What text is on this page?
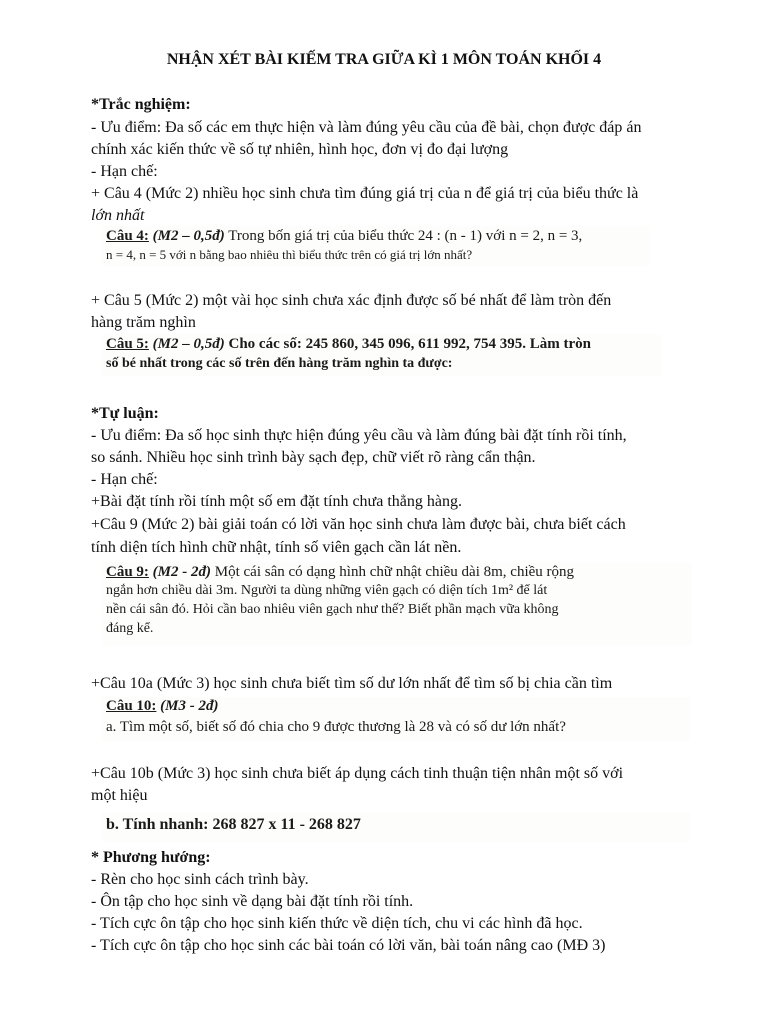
NHẬN XÉT BÀI KIẾM TRA GIỮA KÌ 1 MÔN TOÁN KHỐI 4
*Trắc nghiệm:
- Ưu điểm: Đa số các em thực hiện và làm đúng yêu cầu của đề bài, chọn được đáp án
chính xác kiến thức về số tự nhiên, hình học, đơn vị đo đại lượng
- Hạn chế:
+ Câu 4 (Mức 2) nhiều học sinh chưa tìm đúng giá trị của n để giá trị của biểu thức là
lớn nhất
Câu 4: (M2 – 0,5đ) Trong bốn giá trị của biểu thức 24 : (n - 1) với n = 2, n = 3,
n = 4, n = 5 với n bằng bao nhiêu thì biểu thức trên có giá trị lớn nhất?
+ Câu 5 (Mức 2) một vài học sinh chưa xác định được số bé nhất để làm tròn đến
hàng trăm nghìn
Câu 5: (M2 – 0,5đ) Cho các số: 245 860, 345 096, 611 992, 754 395. Làm tròn
số bé nhất trong các số trên đến hàng trăm nghìn ta được:
*Tự luận:
- Ưu điểm: Đa số học sinh thực hiện đúng yêu cầu và làm đúng bài đặt tính rồi tính,
so sánh. Nhiều học sinh trình bày sạch đẹp, chữ viết rõ ràng cẩn thận.
- Hạn chế:
+Bài đặt tính rồi tính một số em đặt tính chưa thẳng hàng.
+Câu 9 (Mức 2) bài giải toán có lời văn học sinh chưa làm được bài, chưa biết cách
tính diện tích hình chữ nhật, tính số viên gạch cần lát nền.
Câu 9: (M2 - 2đ) Một cái sân có dạng hình chữ nhật chiều dài 8m, chiều rộng
ngắn hơn chiều dài 3m. Người ta dùng những viên gạch có diện tích 1m² để lát
nền cái sân đó. Hỏi cần bao nhiêu viên gạch như thế? Biết phần mạch vữa không
đáng kể.
+Câu 10a (Mức 3) học sinh chưa biết tìm số dư lớn nhất để tìm số bị chia cần tìm
Câu 10: (M3 - 2đ)
a. Tìm một số, biết số đó chia cho 9 được thương là 28 và có số dư lớn nhất?
+Câu 10b (Mức 3) học sinh chưa biết áp dụng cách tinh thuận tiện nhân một số với
một hiệu
b. Tính nhanh: 268 827 x 11 - 268 827
* Phương hướng:
- Rèn cho học sinh cách trình bày.
- Ôn tập cho học sinh về dạng bài đặt tính rồi tính.
- Tích cực ôn tập cho học sinh kiến thức về diện tích, chu vi các hình đã học.
- Tích cực ôn tập cho học sinh các bài toán có lời văn, bài toán nâng cao (MĐ 3)
